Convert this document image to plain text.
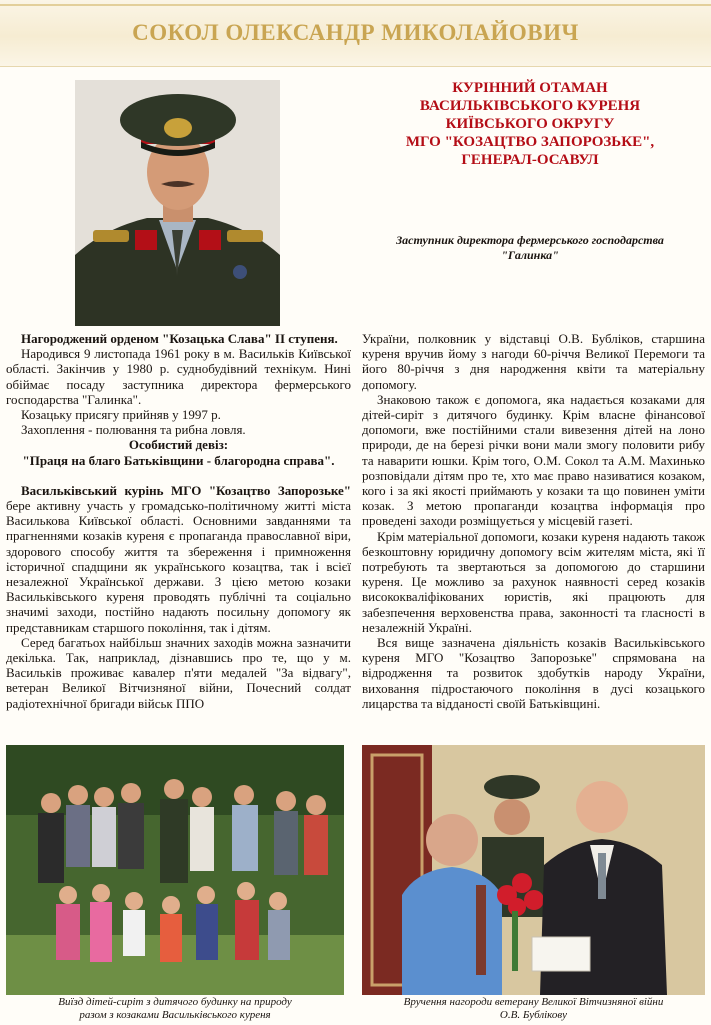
СОКОЛ ОЛЕКСАНДР МИКОЛАЙОВИЧ
КУРІННИЙ ОТАМАН
ВАСИЛЬКІВСЬКОГО КУРЕНЯ
КИЇВСЬКОГО ОКРУГУ
МГО "КОЗАЦТВО ЗАПОРОЗЬКЕ",
ГЕНЕРАЛ-ОСАВУЛ
Заступник директора фермерського господарства
"Галинка"

Нагороджений орденом "Козацька Слава" ІІ ступеня.

Народився 9 листопада 1961 року в м. Васильків Київської області. Закінчив у 1980 р. суднобудівний технікум. Нині обіймає посаду заступника директора фермерського господарства "Галинка".

Козацьку присягу прийняв у 1997 р.

Захоплення - полювання та рибна ловля.

Особистий девіз:

"Праця на благо Батьківщини - благородна справа".

Васильківський курінь МГО "Козацтво Запорозьке" бере активну участь у громадсько-політичному житті міста Василькова Київської області. Основними завданнями та прагненнями козаків куреня є пропаганда православної віри, здорового способу життя та збереження і примноження історичної спадщини як українського козацтва, так і всієї незалежної Української держави. З цією метою козаки Васильківського куреня проводять публічні та соціально значимі заходи, постійно надають посильну допомогу як представникам старшого покоління, так і дітям.

Серед багатьох найбільш значних заходів можна зазначити декілька. Так, наприклад, дізнавшись про те, що у м. Васильків проживає кавалер п'яти медалей "За відвагу", ветеран Великої Вітчизняної війни, Почесний солдат радіотехнічної бригади військ ППО

України, полковник у відставці О.В. Бубліков, старшина куреня вручив йому з нагоди 60-річчя Великої Перемоги та його 80-річчя з дня народження квіти та матеріальну допомогу.

Знаковою також є допомога, яка надається козаками для дітей-сиріт з дитячого будинку. Крім власне фінансової допомоги, вже постійними стали вивезення дітей на лоно природи, де на березі річки вони мали змогу половити рибу та наварити юшки. Крім того, О.М. Сокол та А.М. Махинько розповідали дітям про те, хто має право називатися козаком, кого і за які якості приймають у козаки та що повинен уміти козак. З метою пропаганди козацтва інформація про проведені заходи розміщується у місцевій газеті.

Крім матеріальної допомоги, козаки куреня надають також безкоштовну юридичну допомогу всім жителям міста, які її потребують та звертаються за допомогою до старшини куреня. Це можливо за рахунок наявності серед козаків висококваліфікованих юристів, які працюють для забезпечення верховенства права, законності та гласності в незалежній Україні.

Вся вище зазначена діяльність козаків Васильківського куреня МГО "Козацтво Запорозьке" спрямована на відродження та розвиток здобутків народу України, виховання підростаючого покоління в дусі козацького лицарства та відданості своїй Батьківщині.

Виїзд дітей-сиріт з дитячого будинку на природу
разом з козаками Васильківського куреня
Вручення нагороди ветерану Великої Вітчизняної війни
О.В. Бублікову
